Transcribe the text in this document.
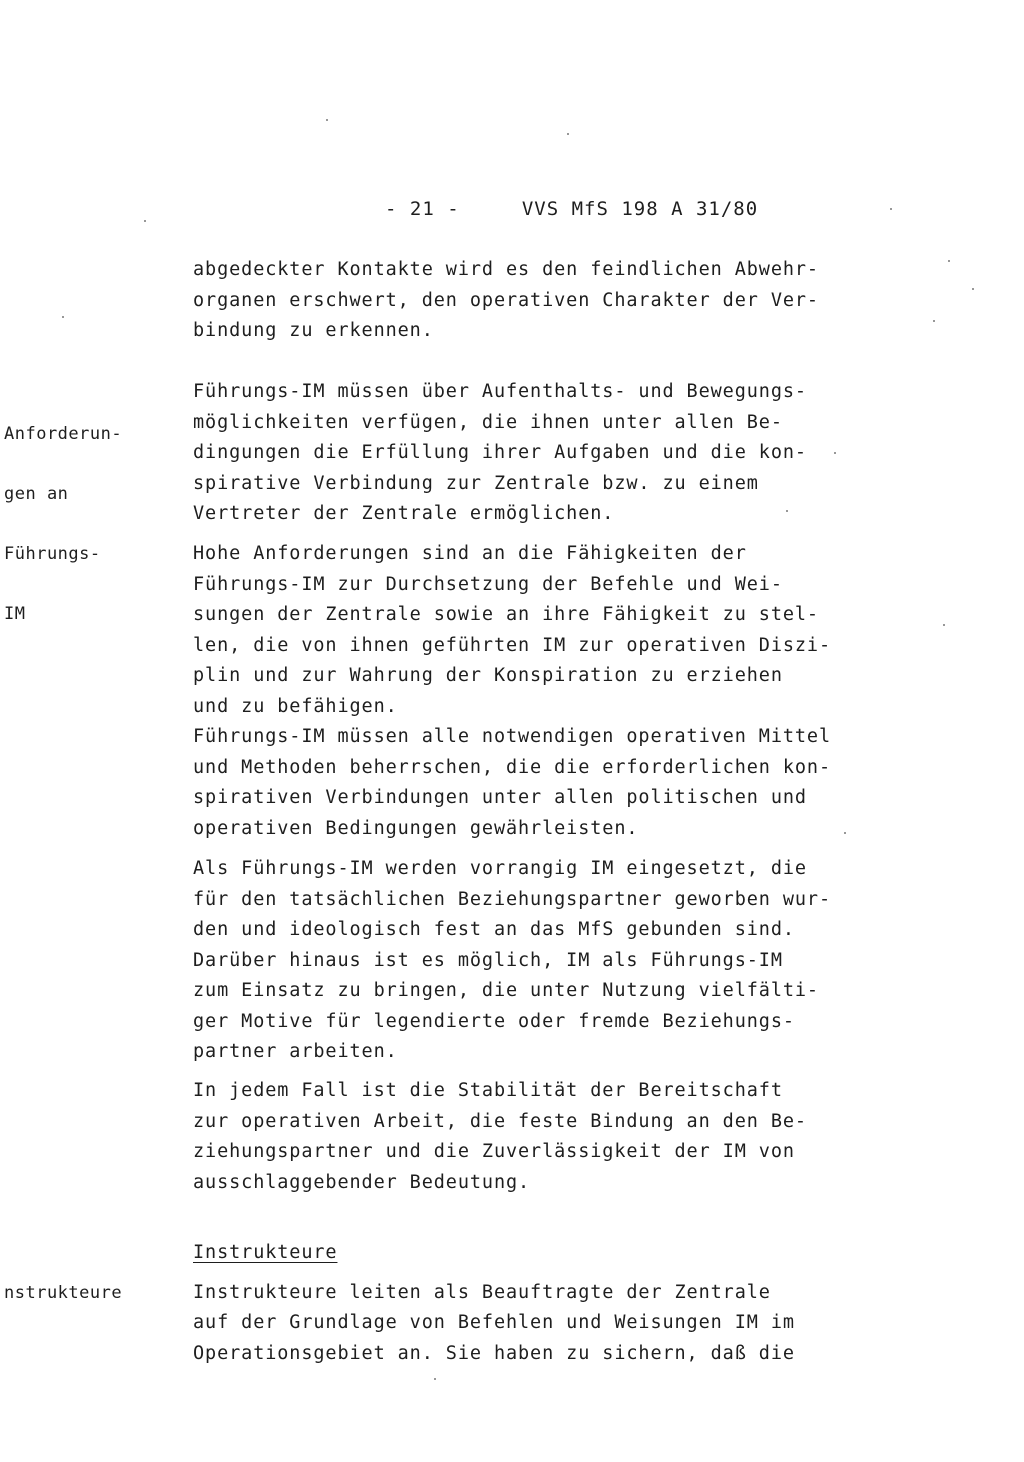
- 21 -     VVS MfS 198 A 31/80
abgedeckter Kontakte wird es den feindlichen Abwehr-
organen erschwert, den operativen Charakter der Ver-
bindung zu erkennen.

Anforderun-

gen an

Führungs-

IM

Führungs-IM müssen über Aufenthalts- und Bewegungs-
möglichkeiten verfügen, die ihnen unter allen Be-
dingungen die Erfüllung ihrer Aufgaben und die kon-
spirative Verbindung zur Zentrale bzw. zu einem
Vertreter der Zentrale ermöglichen.
Hohe Anforderungen sind an die Fähigkeiten der
Führungs-IM zur Durchsetzung der Befehle und Wei-
sungen der Zentrale sowie an ihre Fähigkeit zu stel-
len, die von ihnen geführten IM zur operativen Diszi-
plin und zur Wahrung der Konspiration zu erziehen
und zu befähigen.
Führungs-IM müssen alle notwendigen operativen Mittel
und Methoden beherrschen, die die erforderlichen kon-
spirativen Verbindungen unter allen politischen und
operativen Bedingungen gewährleisten.
Als Führungs-IM werden vorrangig IM eingesetzt, die
für den tatsächlichen Beziehungspartner geworben wur-
den und ideologisch fest an das MfS gebunden sind.
Darüber hinaus ist es möglich, IM als Führungs-IM
zum Einsatz zu bringen, die unter Nutzung vielfälti-
ger Motive für legendierte oder fremde Beziehungs-
partner arbeiten.
In jedem Fall ist die Stabilität der Bereitschaft
zur operativen Arbeit, die feste Bindung an den Be-
ziehungspartner und die Zuverlässigkeit der IM von
ausschlaggebender Bedeutung.

nstrukteure

Instrukteure
Instrukteure leiten als Beauftragte der Zentrale
auf der Grundlage von Befehlen und Weisungen IM im
Operationsgebiet an. Sie haben zu sichern, daß die
